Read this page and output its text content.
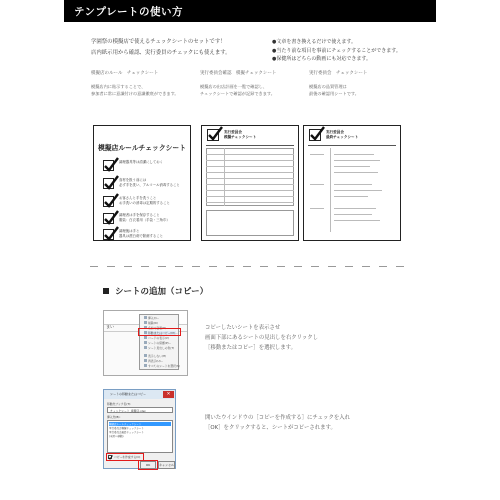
テンプレートの使い方
学園祭の模擬店で使えるチェックシートのセットです！
店内紙示用から確認、実行委員のチェックにも使えます。
●文章を書き換えるだけで使えます。
●当たり前な項目を事前にチェックすることができます。
●保健所はどちらの動画にも対応できます。
模擬店のルール　チェックシート	実行委員会確認　模擬チェックシート	実行委員会　チェックシート
模擬店内に貼示することで、
参加者に常に意識付けの意識徹底ができます。
模擬店の出店計画を一覧で確認し、
チェックシートで確認が記録できます。
模擬店の品質管理は
最後の確認用シートです。
模擬店ルールチェックシート
調理器具等は清潔にしておく
食材を扱う前には
必ず手を洗い、アルコール消毒すること
お客さんと手を洗うこと
お手洗いの消毒は定期的すること
調理者は手を保存すること
服装：白衣着用（手袋・三角巾）
調理後は手と
器具は漂白剤で除菌すること
実行委員会
模擬チェックシート
実行委員会
最終チェックシート
シートの追加（コピー）
まい
挿入(I)...
削除(D)
名前の変更(R)
移動またはコピー(M)...
コードの表示(V)
シートの保護(P)...
シート見出しの色(T)
表示しない(H)
再表示(U)...
すべてのシートを選択(S)
コピーしたいシートを表示させ
画面下部にあるシートの見出しを右クリックし
［移動またはコピー］を選択します。
シートの移動またはコピー	✕
移動先ブック名(T):
チェックシート_模擬店.xlsx
挿入先(B):
模擬店ルールチェックシート
実行委員会模擬チェックシート
実行委員会最終チェックシート
(末尾へ移動)
コピーを作成する(C)
OK	キャンセル
開いたウインドウの［コピーを作成する］にチェックを入れ
［OK］をクリックすると、シートがコピーされます。
